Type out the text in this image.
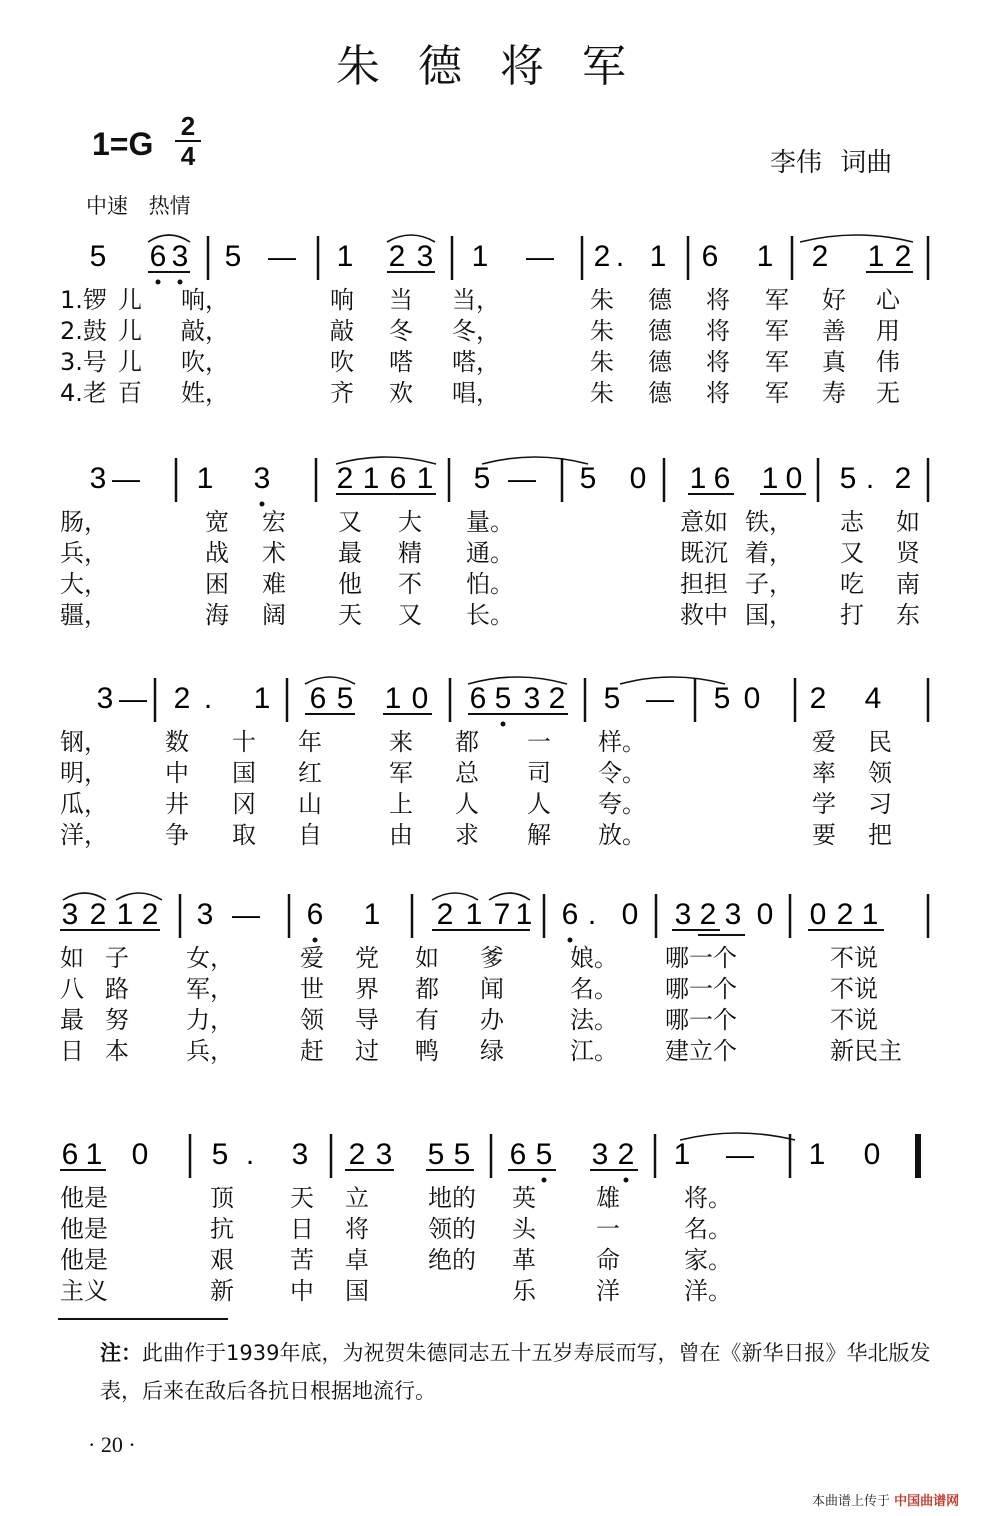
朱德将军
1=G 2
4	李伟 词曲
中速 热情
5 6 3 5 — 1 2 3 1 — 2 . 1 6 1 2 1 2
1.锣 儿 响，	响 当 当，	朱 德 将 军 好 心
2.鼓 儿 敲，	敲 冬 冬，	朱 德 将 军 善 用
3.号 儿 吹，	吹 嗒 嗒，	朱 德 将 军 真 伟
4.老 百 姓，	齐 欢 唱，	朱 德 将 军 寿 无
3 — 1 3 2 1 6 1 5 — 5 0 1 6 1 0 5 . 2
肠，	宽 宏 又 大 量。	意如 铁， 志 如
兵，	战 术 最 精 通。	既沉 着， 又 贤
大，	困 难 他 不 怕。	担担 子， 吃 南
疆，	海 阔 天 又 长。	救中 国， 打 东
3 — 2 . 1 6 5 1 0 6 5 3 2 5 — 5 0 2 4
钢， 数 十 年	来 都 一 样。	爱 民
明， 中 国 红	军 总 司 令。	率 领
瓜， 井 冈 山	上 人 人 夸。	学 习
洋， 争 取 自	由 求 解 放。	要 把
3 2 1 2 3 — 6 1 2 1 7 1 6 . 0 3 2 3 0 0 2 1
如 子 女，	爱 党 如 爹	娘。 哪一个	不说
八 路 军，	世 界 都 闻	名。 哪一个	不说
最 努 力，	领 导 有 办	法。 哪一个	不说
日 本 兵，	赶 过 鸭 绿	江。 建立个	新民主
6 1 0 5 . 3 2 3 5 5 6 5 3 2 1 — 1 0
他是	顶 天 立 地的 英	雄	将。
他是	抗 日 将 领的 头	一	名。
他是	艰 苦 卓 绝的 革	命	家。
主义	新 中 国	乐	洋	洋。
注：此曲作于1939年底，为祝贺朱德同志五十五岁寿辰而写，曾在《新华日报》华北版发表，后来在敌后各抗日根据地流行。
· 20 ·
本曲谱上传于 中国曲谱网
